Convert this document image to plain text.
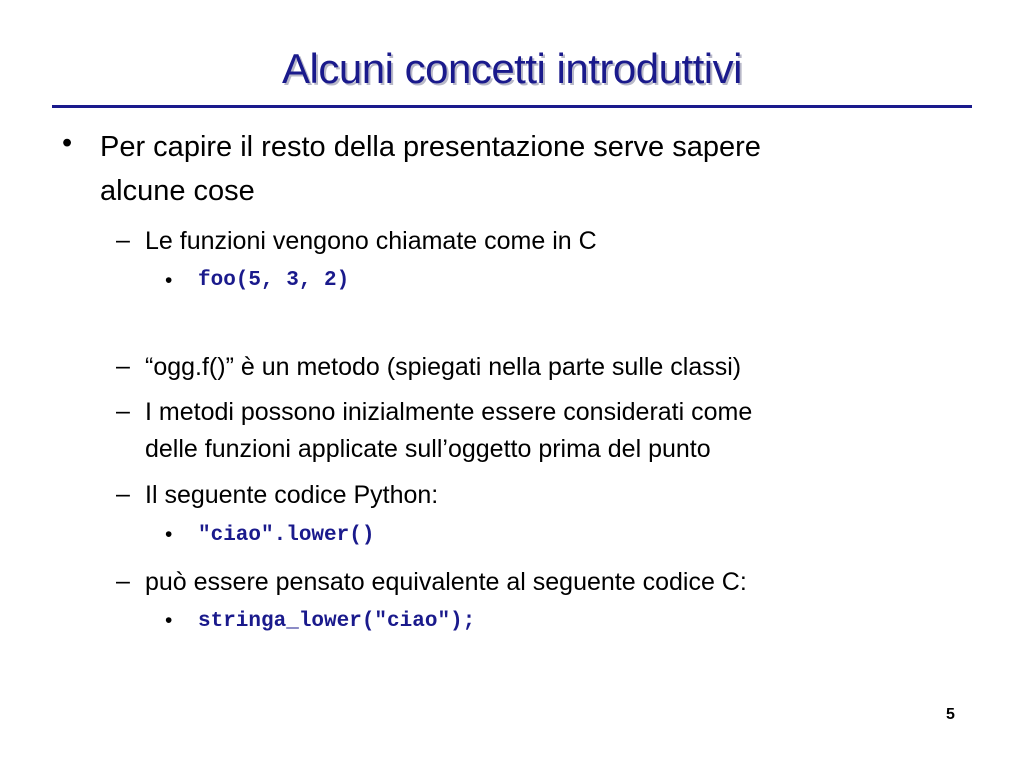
Alcuni concetti introduttivi
• Per capire il resto della presentazione serve sapere
alcune cose
– Le funzioni vengono chiamate come in C
• foo(5, 3, 2)
– “ogg.f()” è un metodo (spiegati nella parte sulle classi)
– I metodi possono inizialmente essere considerati come
delle funzioni applicate sull’oggetto prima del punto
– Il seguente codice Python:
• "ciao".lower()
– può essere pensato equivalente al seguente codice C:
• stringa_lower("ciao");
5
